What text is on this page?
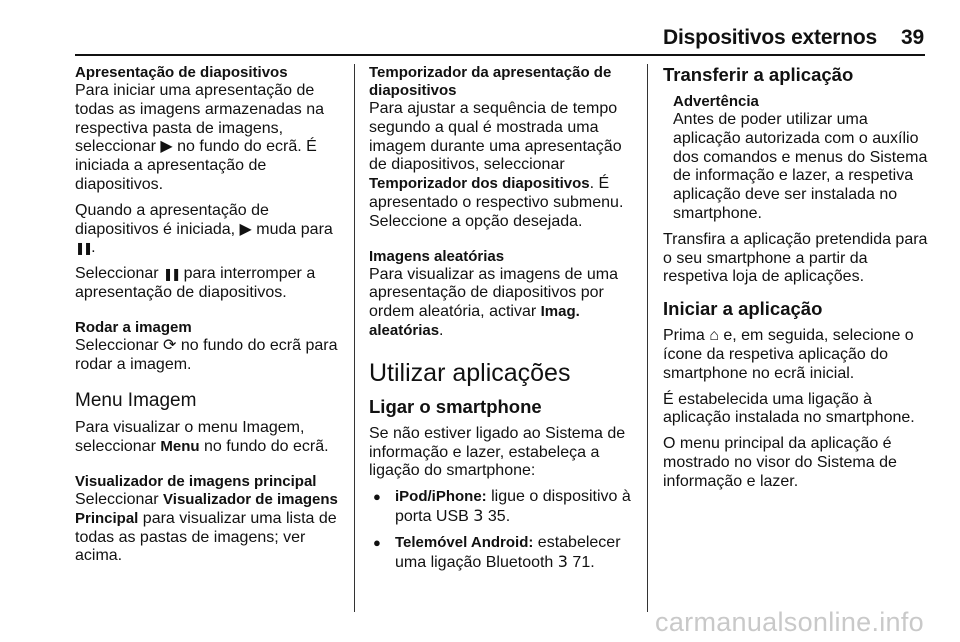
Dispositivos externos 39
Apresentação de diapositivos

Para iniciar uma apresentação de todas as imagens armazenadas na respectiva pasta de imagens, seleccionar ▶ no fundo do ecrã. É iniciada a apresentação de diapositivos.

Quando a apresentação de diapositivos é iniciada, ▶ muda para ❚❚.

Seleccionar ❚❚ para interromper a apresentação de diapositivos.

Rodar a imagem

Seleccionar ⟳ no fundo do ecrã para rodar a imagem.

Menu Imagem

Para visualizar o menu Imagem, seleccionar Menu no fundo do ecrã.

Visualizador de imagens principal

Seleccionar Visualizador de imagens Principal para visualizar uma lista de todas as pastas de imagens; ver acima.

Temporizador da apresentação de diapositivos

Para ajustar a sequência de tempo segundo a qual é mostrada uma imagem durante uma apresentação de diapositivos, seleccionar Temporizador dos diapositivos. É apresentado o respectivo submenu. Seleccione a opção desejada.

Imagens aleatórias

Para visualizar as imagens de uma apresentação de diapositivos por ordem aleatória, activar Imag. aleatórias.

Utilizar aplicações
Ligar o smartphone

Se não estiver ligado ao Sistema de informação e lazer, estabeleça a ligação do smartphone:

● iPod/iPhone: ligue o dispositivo à porta USB 3 35.
● Telemóvel Android: estabelecer uma ligação Bluetooth 3 71.
Transferir a aplicação
Advertência

Antes de poder utilizar uma aplicação autorizada com o auxílio dos comandos e menus do Sistema de informação e lazer, a respetiva aplicação deve ser instalada no smartphone.

Transfira a aplicação pretendida para o seu smartphone a partir da respetiva loja de aplicações.

Iniciar a aplicação

Prima ⌂ e, em seguida, selecione o ícone da respetiva aplicação do smartphone no ecrã inicial.

É estabelecida uma ligação à aplicação instalada no smartphone.

O menu principal da aplicação é mostrado no visor do Sistema de informação e lazer.

carmanualsonline.info
